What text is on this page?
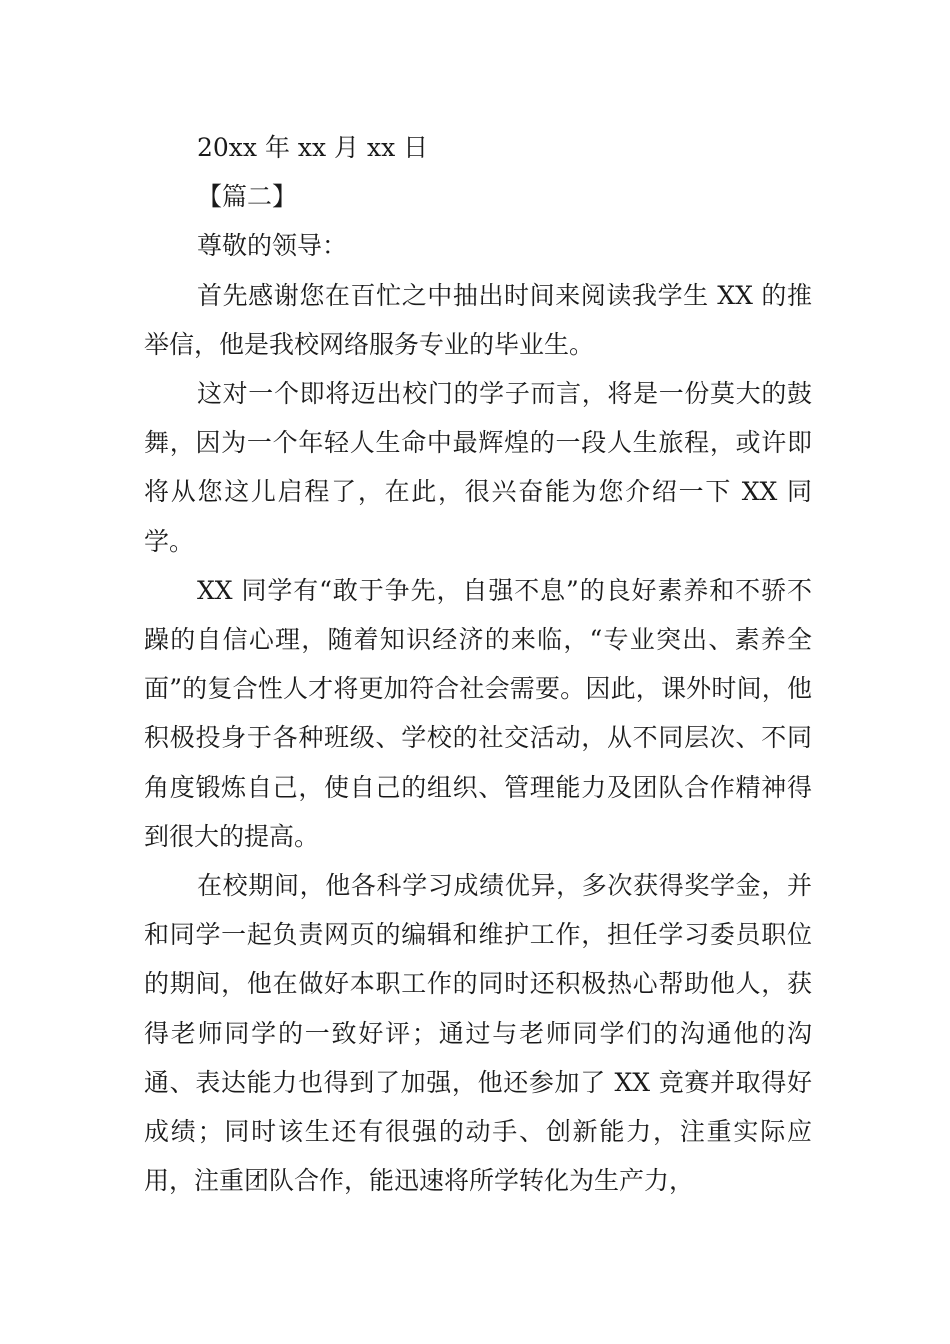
20xx 年 xx 月 xx 日

【篇二】

尊敬的领导：

首先感谢您在百忙之中抽出时间来阅读我学生 XX 的推举信，他是我校网络服务专业的毕业生。

这对一个即将迈出校门的学子而言，将是一份莫大的鼓舞，因为一个年轻人生命中最辉煌的一段人生旅程，或许即将从您这儿启程了，在此，很兴奋能为您介绍一下 XX 同学。

XX 同学有“敢于争先，自强不息”的良好素养和不骄不躁的自信心理，随着知识经济的来临，“专业突出、素养全面”的复合性人才将更加符合社会需要。因此，课外时间，他积极投身于各种班级、学校的社交活动，从不同层次、不同角度锻炼自己，使自己的组织、管理能力及团队合作精神得到很大的提高。

在校期间，他各科学习成绩优异，多次获得奖学金，并和同学一起负责网页的编辑和维护工作，担任学习委员职位的期间，他在做好本职工作的同时还积极热心帮助他人，获得老师同学的一致好评；通过与老师同学们的沟通他的沟通、表达能力也得到了加强，他还参加了 XX 竞赛并取得好成绩；同时该生还有很强的动手、创新能力，注重实际应用，注重团队合作，能迅速将所学转化为生产力，
